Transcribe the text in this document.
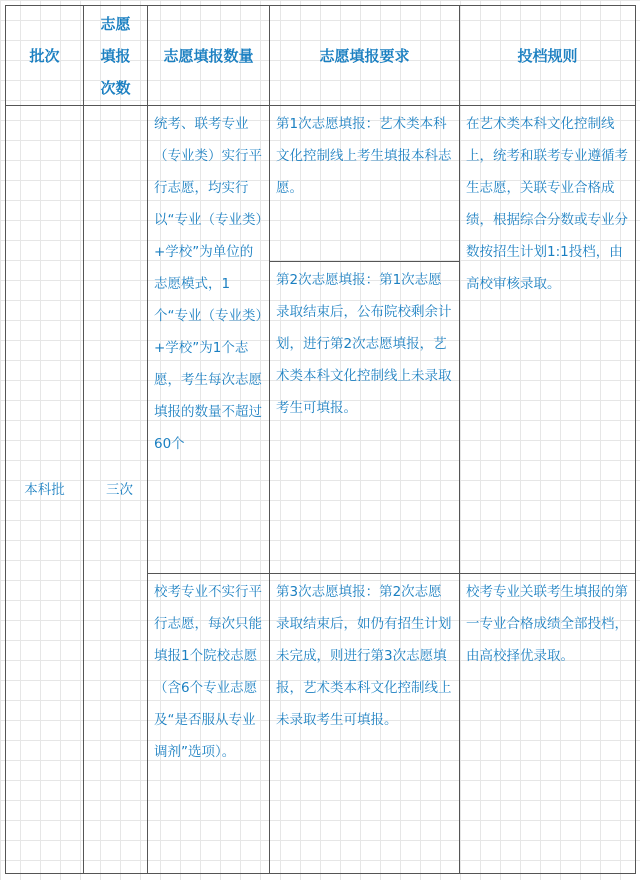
批次	志愿填报次数	志愿填报数量	志愿填报要求	投档规则
本科批	三次	统考、联考专业（专业类）实行平行志愿，均实行以“专业（专业类）+学校”为单位的志愿模式，1个“专业（专业类）+学校”为1个志愿，考生每次志愿填报的数量不超过60个	第1次志愿填报：艺术类本科文化控制线上考生填报本科志愿。	在艺术类本科文化控制线上，统考和联考专业遵循考生志愿，关联专业合格成绩，根据综合分数或专业分数按招生计划1:1投档，由高校审核录取。
			第2次志愿填报：第1次志愿录取结束后，公布院校剩余计划，进行第2次志愿填报，艺术类本科文化控制线上未录取考生可填报。	
		校考专业不实行平行志愿，每次只能填报1个院校志愿（含6个专业志愿及“是否服从专业调剂”选项）。	第3次志愿填报：第2次志愿录取结束后，如仍有招生计划未完成，则进行第3次志愿填报，艺术类本科文化控制线上未录取考生可填报。	校考专业关联考生填报的第一专业合格成绩全部投档，由高校择优录取。
